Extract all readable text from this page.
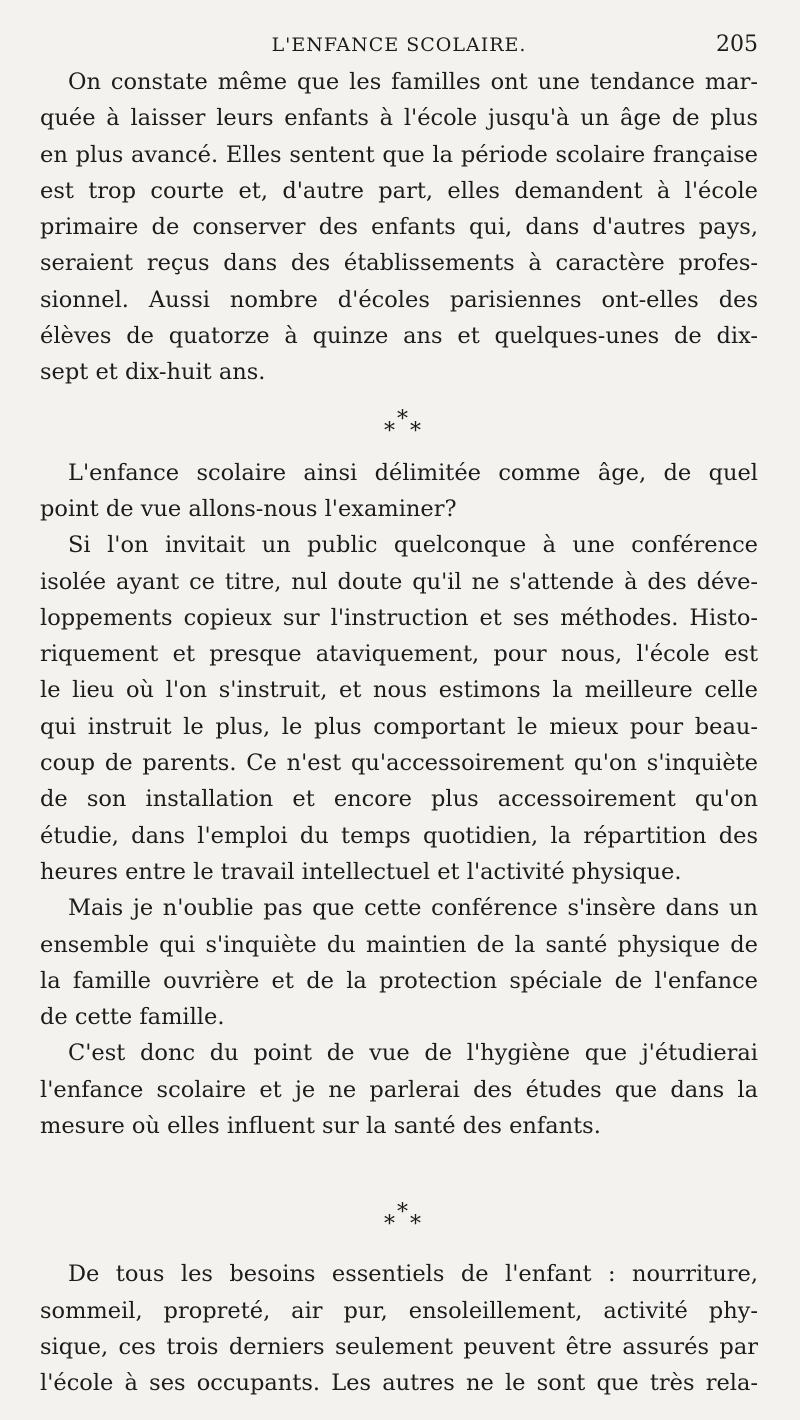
L'ENFANCE SCOLAIRE.	205
On constate même que les familles ont une tendance mar-
quée à laisser leurs enfants à l'école jusqu'à un âge de plus
en plus avancé. Elles sentent que la période scolaire française
est trop courte et, d'autre part, elles demandent à l'école
primaire de conserver des enfants qui, dans d'autres pays,
seraient reçus dans des établissements à caractère profes-
sionnel. Aussi nombre d'écoles parisiennes ont-elles des
élèves de quatorze à quinze ans et quelques-unes de dix-
sept et dix-huit ans.
*
* *
L'enfance scolaire ainsi délimitée comme âge, de quel
point de vue allons-nous l'examiner?
Si l'on invitait un public quelconque à une conférence
isolée ayant ce titre, nul doute qu'il ne s'attende à des déve-
loppements copieux sur l'instruction et ses méthodes. Histo-
riquement et presque ataviquement, pour nous, l'école est
le lieu où l'on s'instruit, et nous estimons la meilleure celle
qui instruit le plus, le plus comportant le mieux pour beau-
coup de parents. Ce n'est qu'accessoirement qu'on s'inquiète
de son installation et encore plus accessoirement qu'on
étudie, dans l'emploi du temps quotidien, la répartition des
heures entre le travail intellectuel et l'activité physique.
Mais je n'oublie pas que cette conférence s'insère dans un
ensemble qui s'inquiète du maintien de la santé physique de
la famille ouvrière et de la protection spéciale de l'enfance
de cette famille.
C'est donc du point de vue de l'hygiène que j'étudierai
l'enfance scolaire et je ne parlerai des études que dans la
mesure où elles influent sur la santé des enfants.
*
* *
De tous les besoins essentiels de l'enfant : nourriture,
sommeil, propreté, air pur, ensoleillement, activité phy-
sique, ces trois derniers seulement peuvent être assurés par
l'école à ses occupants. Les autres ne le sont que très rela-
